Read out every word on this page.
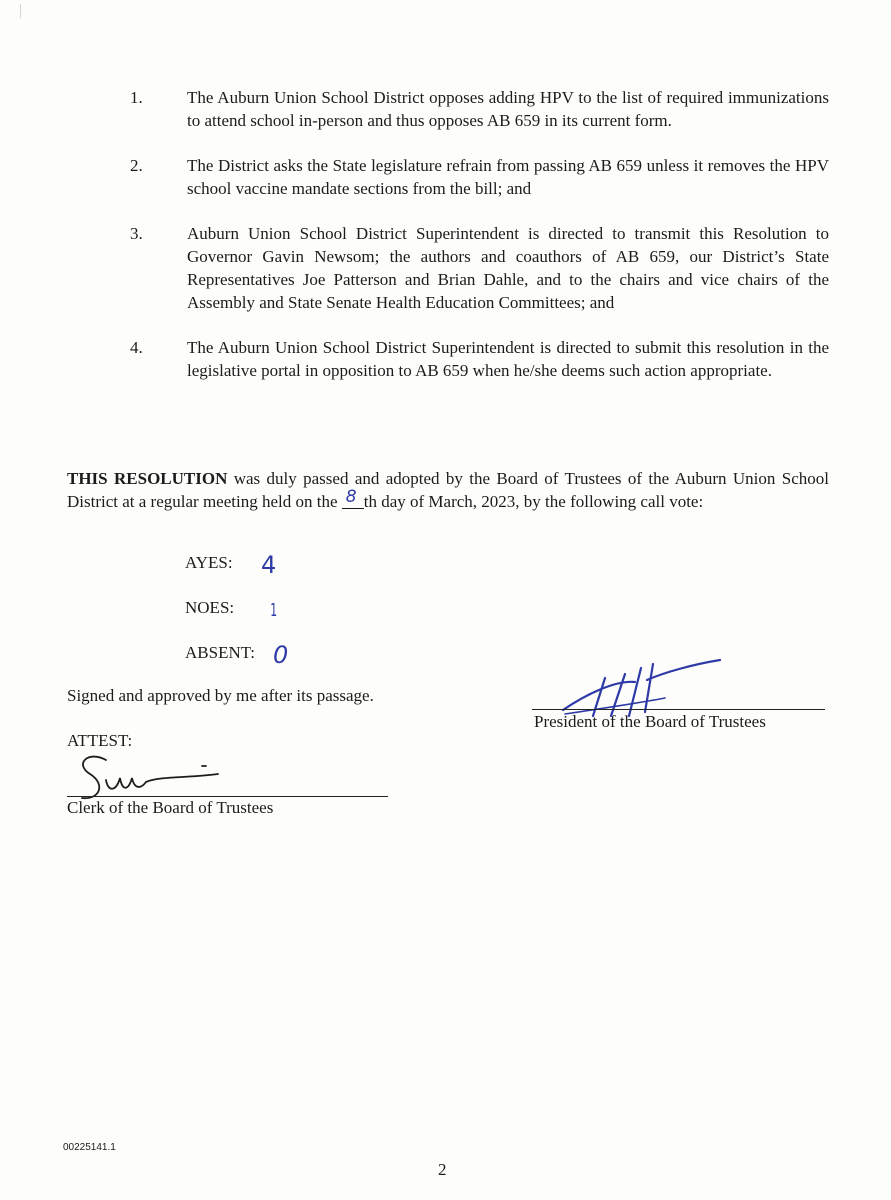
1.	The Auburn Union School District opposes adding HPV to the list of required immunizations to attend school in-person and thus opposes AB 659 in its current form.
2.	The District asks the State legislature refrain from passing AB 659 unless it removes the HPV school vaccine mandate sections from the bill; and
3.	Auburn Union School District Superintendent is directed to transmit this Resolution to Governor Gavin Newsom; the authors and coauthors of AB 659, our District’s State Representatives Joe Patterson and Brian Dahle, and to the chairs and vice chairs of the Assembly and State Senate Health Education Committees; and
4.	The Auburn Union School District Superintendent is directed to submit this resolution in the legislative portal in opposition to AB 659 when he/she deems such action appropriate.
THIS RESOLUTION was duly passed and adopted by the Board of Trustees of the Auburn Union School District at a regular meeting held on the 8 th day of March, 2023, by the following call vote:
AYES: 4
NOES: 1
ABSENT: 0
Signed and approved by me after its passage.
President of the Board of Trustees
ATTEST:
Clerk of the Board of Trustees
00225141.1
2
